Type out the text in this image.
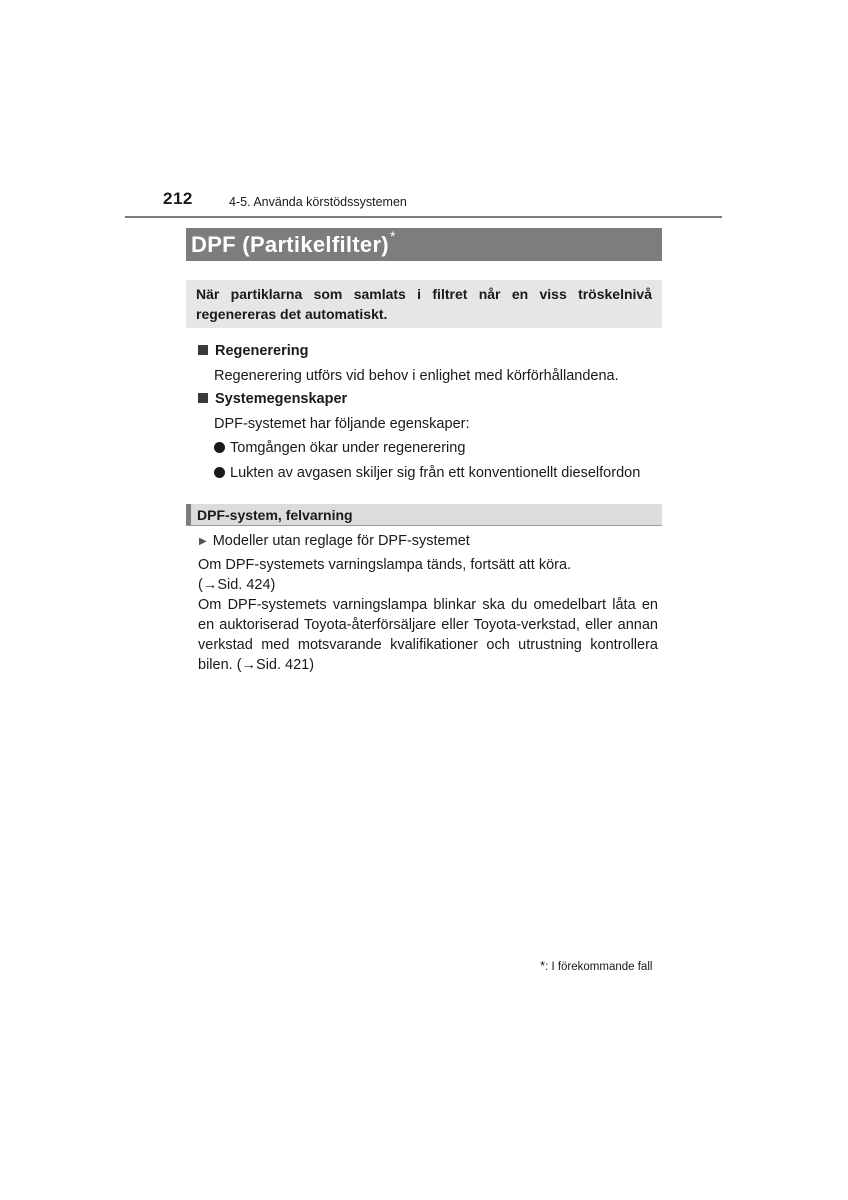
212	4-5. Använda körstödssystemen
DPF (Partikelfilter) *
När partiklarna som samlats i filtret når en viss tröskelnivå regenereras det automatiskt.
Regenerering
Regenerering utförs vid behov i enlighet med körförhållandena.
Systemegenskaper
DPF-systemet har följande egenskaper:
Tomgången ökar under regenerering
Lukten av avgasen skiljer sig från ett konventionellt dieselfordon
DPF-system, felvarning
▶ Modeller utan reglage för DPF-systemet
Om DPF-systemets varningslampa tänds, fortsätt att köra.
(→Sid. 424)
Om DPF-systemets varningslampa blinkar ska du omedelbart låta en en auktoriserad Toyota-återförsäljare eller Toyota-verkstad, eller annan verkstad med motsvarande kvalifikationer och utrustning kontrollera bilen. (→Sid. 421)
*: I förekommande fall
